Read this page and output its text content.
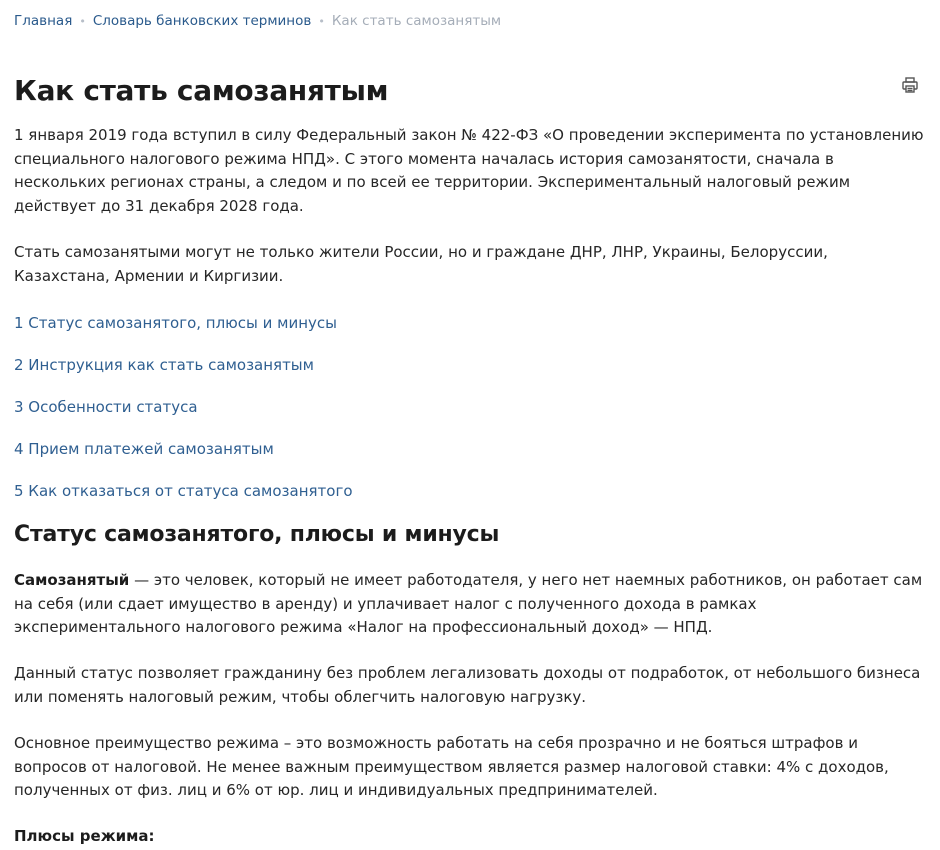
Главная • Словарь банковских терминов • Как стать самозанятым
Как стать самозанятым

1 января 2019 года вступил в силу Федеральный закон № 422-ФЗ «О проведении эксперимента по установлению специального налогового режима НПД». С этого момента началась история самозанятости, сначала в нескольких регионах страны, а следом и по всей ее территории. Экспериментальный налоговый режим действует до 31 декабря 2028 года.

Стать самозанятыми могут не только жители России, но и граждане ДНР, ЛНР, Украины, Белоруссии, Казахстана, Армении и Киргизии.

1 Статус самозанятого, плюсы и минусы
2 Инструкция как стать самозанятым
3 Особенности статуса
4 Прием платежей самозанятым
5 Как отказаться от статуса самозанятого
Статус самозанятого, плюсы и минусы

Самозанятый — это человек, который не имеет работодателя, у него нет наемных работников, он работает сам на себя (или сдает имущество в аренду) и уплачивает налог с полученного дохода в рамках экспериментального налогового режима «Налог на профессиональный доход» — НПД.

Данный статус позволяет гражданину без проблем легализовать доходы от подработок, от небольшого бизнеса или поменять налоговый режим, чтобы облегчить налоговую нагрузку.

Основное преимущество режима – это возможность работать на себя прозрачно и не бояться штрафов и вопросов от налоговой. Не менее важным преимуществом является размер налоговой ставки: 4% с доходов, полученных от физ. лиц и 6% от юр. лиц и индивидуальных предпринимателей.

Плюсы режима:
